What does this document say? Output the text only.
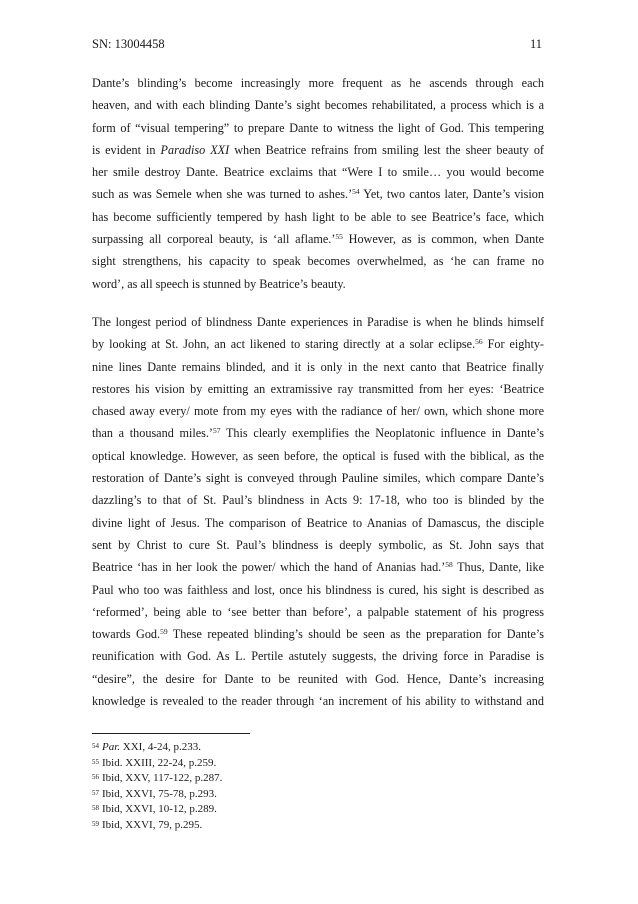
SN: 13004458	11
Dante’s blinding’s become increasingly more frequent as he ascends through each
heaven, and with each blinding Dante’s sight becomes rehabilitated, a process which is a
form of “visual tempering” to prepare Dante to witness the light of God. This tempering
is evident in Paradiso XXI when Beatrice refrains from smiling lest the sheer beauty of
her smile destroy Dante. Beatrice exclaims that “Were I to smile… you would become
such as was Semele when she was turned to ashes.’$^{54}$ Yet, two cantos later, Dante’s vision
has become sufficiently tempered by hash light to be able to see Beatrice’s face, which
surpassing all corporeal beauty, is ‘all aflame.’$^{55}$ However, as is common, when Dante
sight strengthens, his capacity to speak becomes overwhelmed, as ‘he can frame no
word’, as all speech is stunned by Beatrice’s beauty.
The longest period of blindness Dante experiences in Paradise is when he blinds himself
by looking at St. John, an act likened to staring directly at a solar eclipse.$^{56}$ For eighty-
nine lines Dante remains blinded, and it is only in the next canto that Beatrice finally
restores his vision by emitting an extramissive ray transmitted from her eyes: ‘Beatrice
chased away every/ mote from my eyes with the radiance of her/ own, which shone more
than a thousand miles.’$^{57}$ This clearly exemplifies the Neoplatonic influence in Dante’s
optical knowledge. However, as seen before, the optical is fused with the biblical, as the
restoration of Dante’s sight is conveyed through Pauline similes, which compare Dante’s
dazzling’s to that of St. Paul’s blindness in Acts 9: 17-18, who too is blinded by the
divine light of Jesus. The comparison of Beatrice to Ananias of Damascus, the disciple
sent by Christ to cure St. Paul’s blindness is deeply symbolic, as St. John says that
Beatrice ‘has in her look the power/ which the hand of Ananias had.’$^{58}$ Thus, Dante, like
Paul who too was faithless and lost, once his blindness is cured, his sight is described as
‘reformed’, being able to ‘see better than before’, a palpable statement of his progress
towards God.$^{59}$ These repeated blinding’s should be seen as the preparation for Dante’s
reunification with God. As L. Pertile astutely suggests, the driving force in Paradise is
“desire”, the desire for Dante to be reunited with God. Hence, Dante’s increasing
knowledge is revealed to the reader through ‘an increment of his ability to withstand and
$^{54}$ Par. XXI, 4-24, p.233.
$^{55}$ Ibid. XXIII, 22-24, p.259.
$^{56}$ Ibid, XXV, 117-122, p.287.
$^{57}$ Ibid, XXVI, 75-78, p.293.
$^{58}$ Ibid, XXVI, 10-12, p.289.
$^{59}$ Ibid, XXVI, 79, p.295.
